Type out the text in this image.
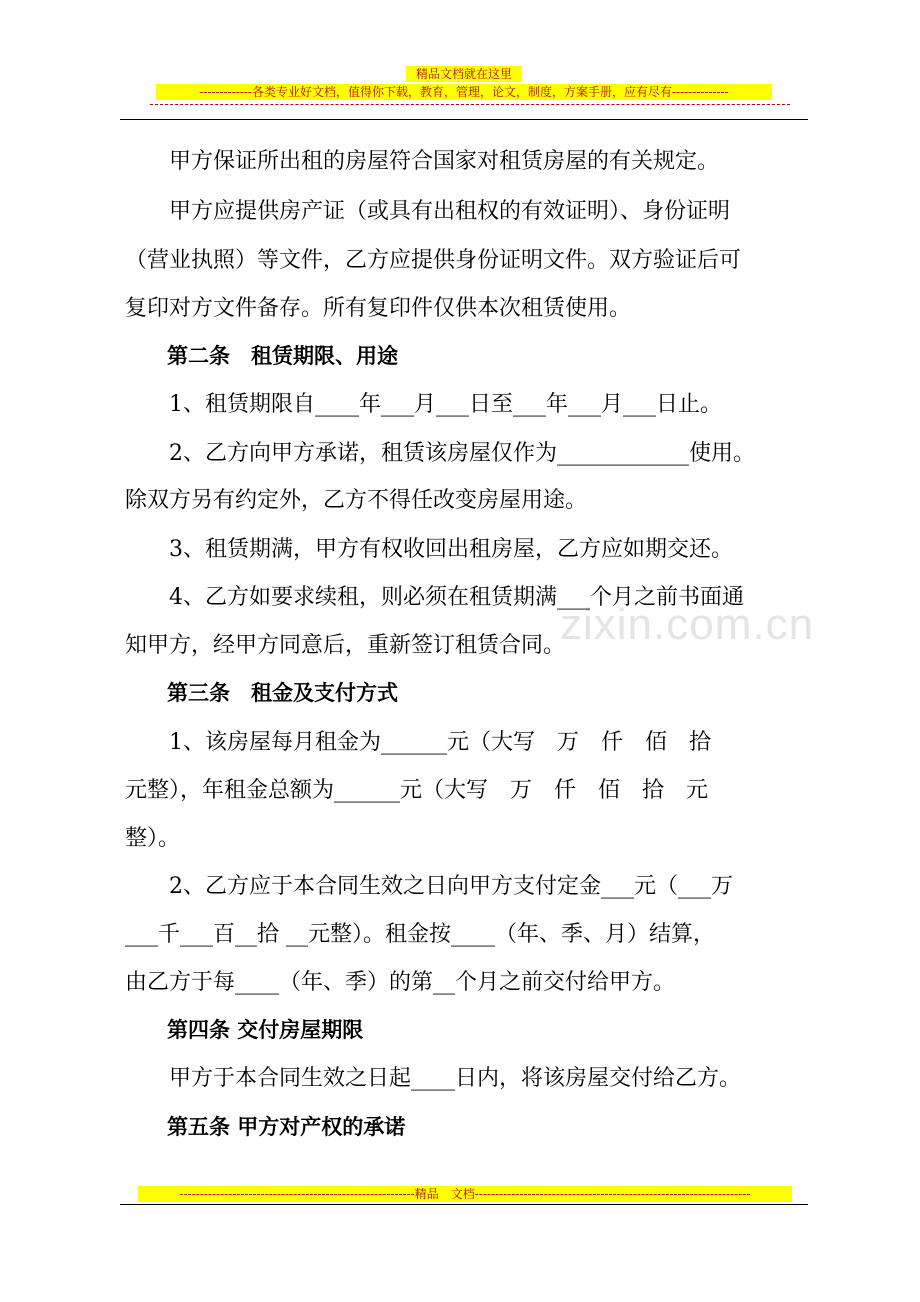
精品文档就在这里
-------------各类专业好文档，值得你下载，教育，管理，论文，制度，方案手册，应有尽有--------------
zixin.com.cn
　　甲方保证所出租的房屋符合国家对租赁房屋的有关规定。
　　甲方应提供房产证（或具有出租权的有效证明）、身份证明
（营业执照）等文件，乙方应提供身份证明文件。双方验证后可
复印对方文件备存。所有复印件仅供本次租赁使用。
　　第二条　租赁期限、用途
　　1、租赁期限自____年___月___日至___年___月___日止。
　　2、乙方向甲方承诺，租赁该房屋仅作为____________使用。
除双方另有约定外，乙方不得任改变房屋用途。
　　3、租赁期满，甲方有权收回出租房屋，乙方应如期交还。
　　4、乙方如要求续租，则必须在租赁期满___个月之前书面通
知甲方，经甲方同意后，重新签订租赁合同。
　　第三条　租金及支付方式
　　1、该房屋每月租金为______元（大写　万　仟　佰　拾
元整），年租金总额为______元（大写　万　仟　佰　拾　元
整）。
　　2、乙方应于本合同生效之日向甲方支付定金___元（___万
___千___百__拾 __元整）。租金按____（年、季、月）结算，
由乙方于每____（年、季）的第__个月之前交付给甲方。
　　第四条 交付房屋期限
　　甲方于本合同生效之日起____日内，将该房屋交付给乙方。
　　第五条 甲方对产权的承诺
----------------------------------------------------------精品　文档--------------------------------------------------------------------
